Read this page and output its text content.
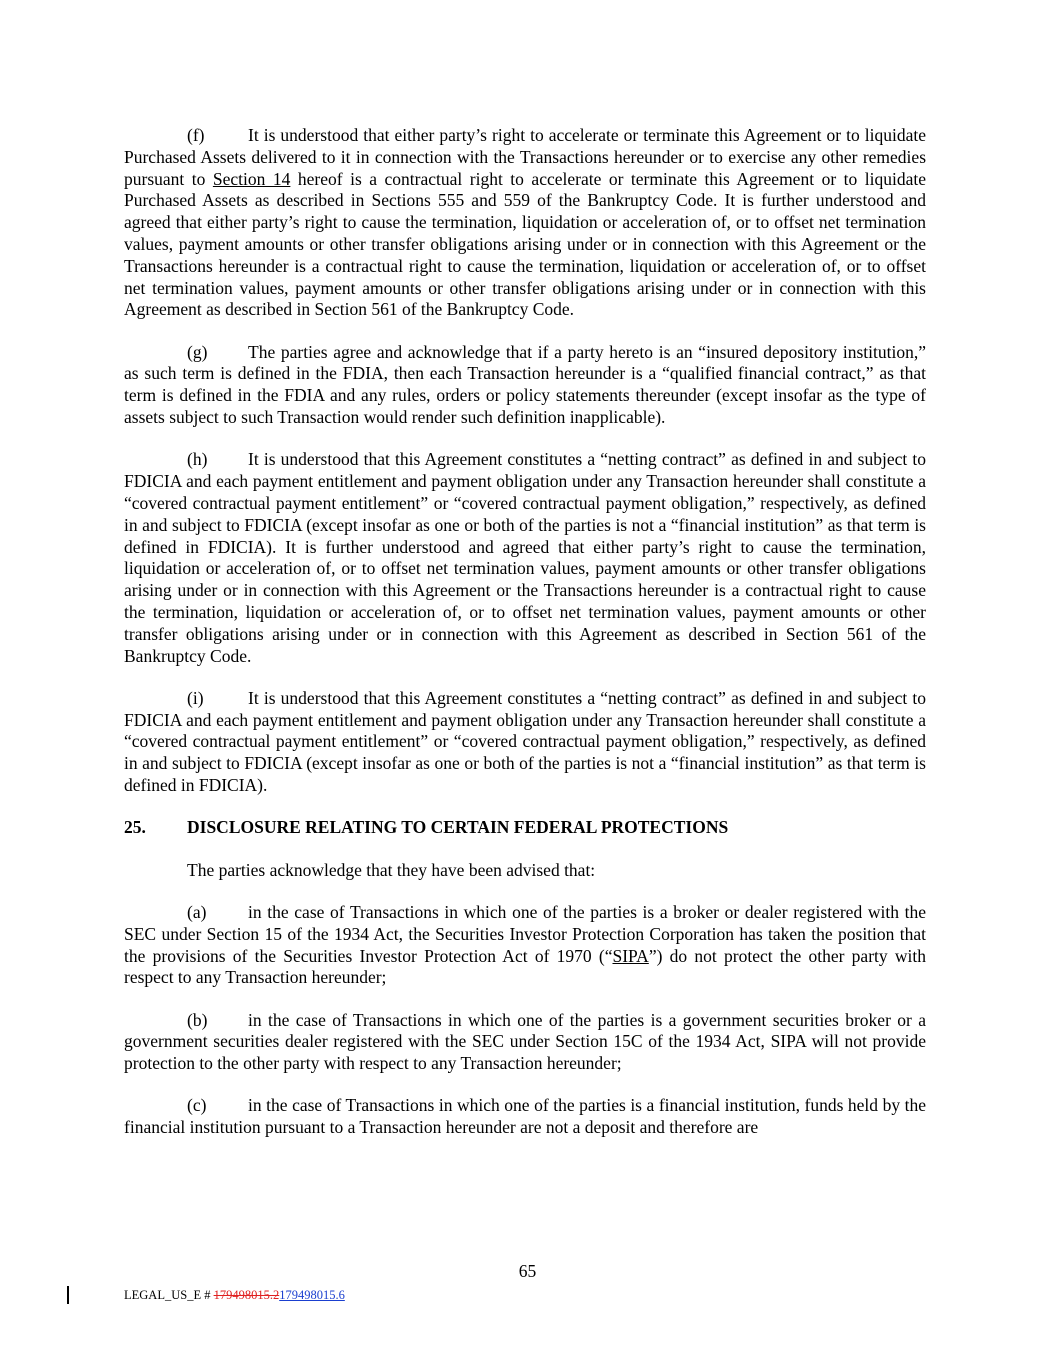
(f) It is understood that either party’s right to accelerate or terminate this Agreement or to liquidate Purchased Assets delivered to it in connection with the Transactions hereunder or to exercise any other remedies pursuant to Section 14 hereof is a contractual right to accelerate or terminate this Agreement or to liquidate Purchased Assets as described in Sections 555 and 559 of the Bankruptcy Code. It is further understood and agreed that either party’s right to cause the termination, liquidation or acceleration of, or to offset net termination values, payment amounts or other transfer obligations arising under or in connection with this Agreement or the Transactions hereunder is a contractual right to cause the termination, liquidation or acceleration of, or to offset net termination values, payment amounts or other transfer obligations arising under or in connection with this Agreement as described in Section 561 of the Bankruptcy Code.

(g) The parties agree and acknowledge that if a party hereto is an “insured depository institution,” as such term is defined in the FDIA, then each Transaction hereunder is a “qualified financial contract,” as that term is defined in the FDIA and any rules, orders or policy statements thereunder (except insofar as the type of assets subject to such Transaction would render such definition inapplicable).

(h) It is understood that this Agreement constitutes a “netting contract” as defined in and subject to FDICIA and each payment entitlement and payment obligation under any Transaction hereunder shall constitute a “covered contractual payment entitlement” or “covered contractual payment obligation,” respectively, as defined in and subject to FDICIA (except insofar as one or both of the parties is not a “financial institution” as that term is defined in FDICIA). It is further understood and agreed that either party’s right to cause the termination, liquidation or acceleration of, or to offset net termination values, payment amounts or other transfer obligations arising under or in connection with this Agreement or the Transactions hereunder is a contractual right to cause the termination, liquidation or acceleration of, or to offset net termination values, payment amounts or other transfer obligations arising under or in connection with this Agreement as described in Section 561 of the Bankruptcy Code.

(i)	It is understood that this Agreement constitutes a “netting contract” as defined in and subject to FDICIA and each payment entitlement and payment obligation under any Transaction hereunder shall constitute a “covered contractual payment entitlement” or “covered contractual payment obligation,” respectively, as defined in and subject to FDICIA (except insofar as one or both of the parties is not a “financial institution” as that term is defined in FDICIA).

25. DISCLOSURE RELATING TO CERTAIN FEDERAL PROTECTIONS

The parties acknowledge that they have been advised that:

(a) in the case of Transactions in which one of the parties is a broker or dealer registered with the SEC under Section 15 of the 1934 Act, the Securities Investor Protection Corporation has taken the position that the provisions of the Securities Investor Protection Act of 1970 (“SIPA”) do not protect the other party with respect to any Transaction hereunder;

(b) in the case of Transactions in which one of the parties is a government securities broker or a government securities dealer registered with the SEC under Section 15C of the 1934 Act, SIPA will not provide protection to the other party with respect to any Transaction hereunder;

(c) in the case of Transactions in which one of the parties is a financial institution, funds held by the financial institution pursuant to a Transaction hereunder are not a deposit and therefore are

65
LEGAL_US_E # 179498015.2179498015.6
